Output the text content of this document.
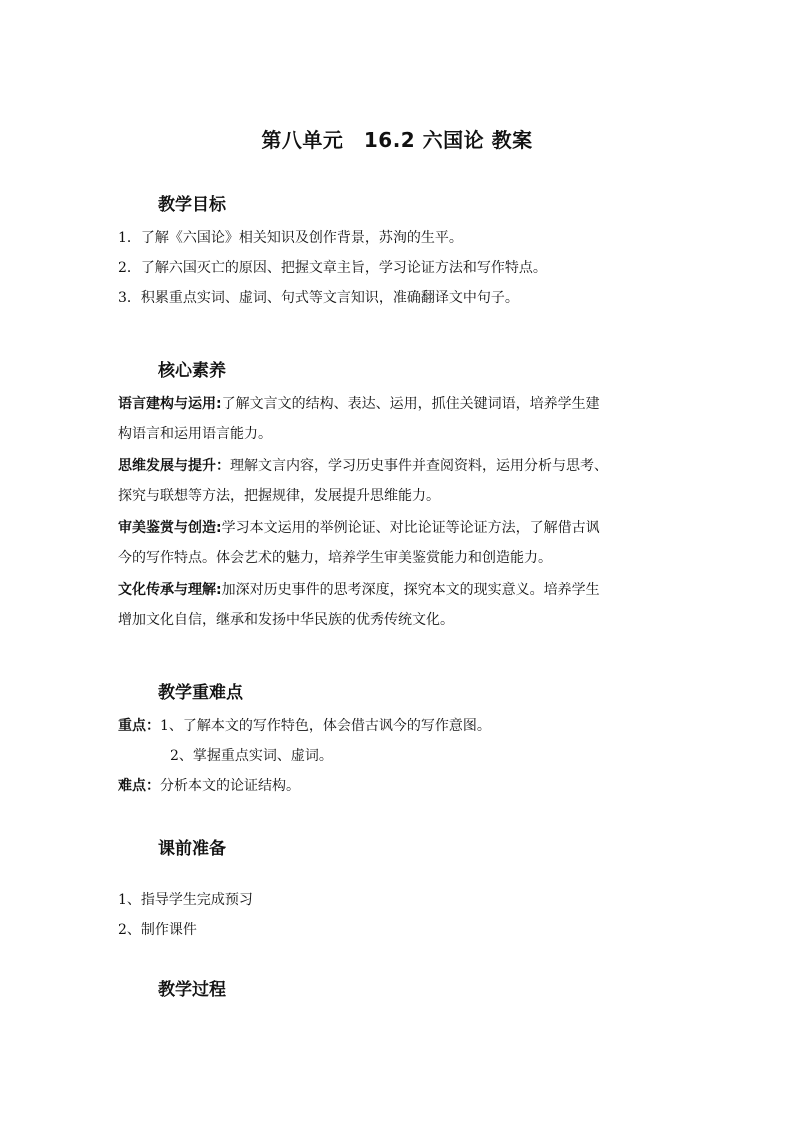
第八单元　16.2 六国论 教案
教学目标
1．了解《六国论》相关知识及创作背景，苏洵的生平。
2．了解六国灭亡的原因、把握文章主旨，学习论证方法和写作特点。
3．积累重点实词、虚词、句式等文言知识，准确翻译文中句子。
核心素养
语言建构与运用:了解文言文的结构、表达、运用，抓住关键词语，培养学生建
构语言和运用语言能力。
思维发展与提升：理解文言内容，学习历史事件并查阅资料，运用分析与思考、
探究与联想等方法，把握规律，发展提升思维能力。
审美鉴赏与创造:学习本文运用的举例论证、对比论证等论证方法，了解借古讽
今的写作特点。体会艺术的魅力，培养学生审美鉴赏能力和创造能力。
文化传承与理解:加深对历史事件的思考深度，探究本文的现实意义。培养学生
增加文化自信，继承和发扬中华民族的优秀传统文化。
教学重难点
重点：1、了解本文的写作特色，体会借古讽今的写作意图。
2、掌握重点实词、虚词。
难点：分析本文的论证结构。
课前准备
1、指导学生完成预习
2、制作课件
教学过程
